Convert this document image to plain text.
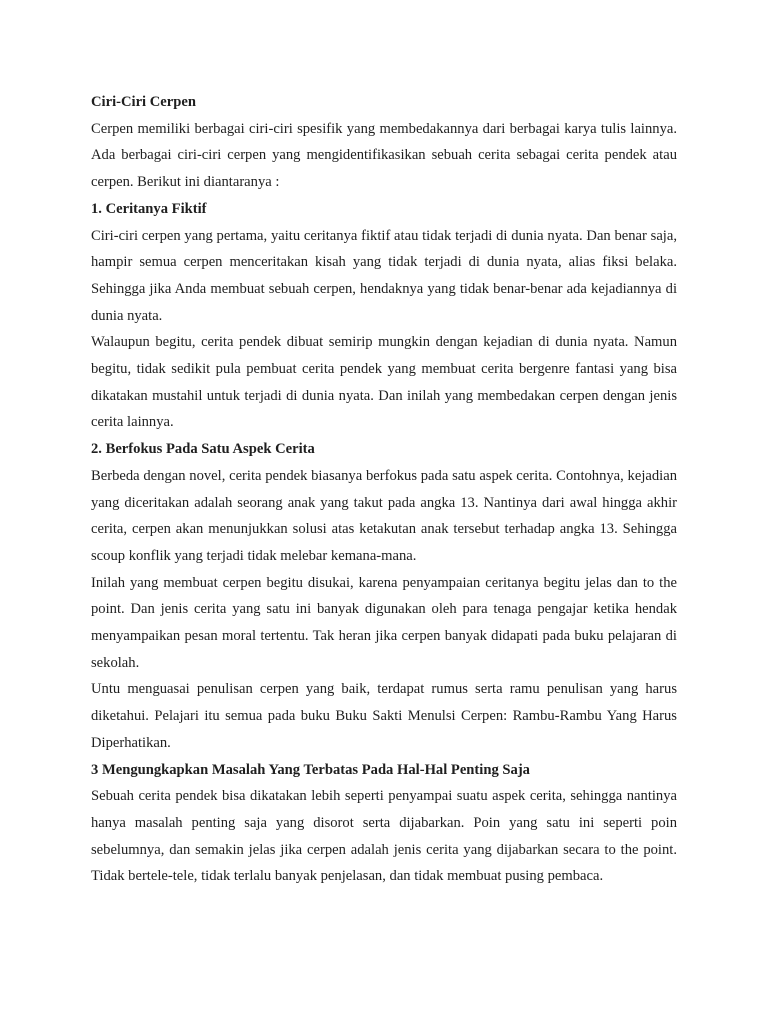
Ciri-Ciri Cerpen

Cerpen memiliki berbagai ciri-ciri spesifik yang membedakannya dari berbagai karya tulis lainnya. Ada berbagai ciri-ciri cerpen yang mengidentifikasikan sebuah cerita sebagai cerita pendek atau cerpen. Berikut ini diantaranya :

1. Ceritanya Fiktif

Ciri-ciri cerpen yang pertama, yaitu ceritanya fiktif atau tidak terjadi di dunia nyata. Dan benar saja, hampir semua cerpen menceritakan kisah yang tidak terjadi di dunia nyata, alias fiksi belaka. Sehingga jika Anda membuat sebuah cerpen, hendaknya yang tidak benar-benar ada kejadiannya di dunia nyata.

Walaupun begitu, cerita pendek dibuat semirip mungkin dengan kejadian di dunia nyata. Namun begitu, tidak sedikit pula pembuat cerita pendek yang membuat cerita bergenre fantasi yang bisa dikatakan mustahil untuk terjadi di dunia nyata. Dan inilah yang membedakan cerpen dengan jenis cerita lainnya.

2. Berfokus Pada Satu Aspek Cerita

Berbeda dengan novel, cerita pendek biasanya berfokus pada satu aspek cerita. Contohnya, kejadian yang diceritakan adalah seorang anak yang takut pada angka 13. Nantinya dari awal hingga akhir cerita, cerpen akan menunjukkan solusi atas ketakutan anak tersebut terhadap angka 13. Sehingga scoup konflik yang terjadi tidak melebar kemana-mana.

Inilah yang membuat cerpen begitu disukai, karena penyampaian ceritanya begitu jelas dan to the point. Dan jenis cerita yang satu ini banyak digunakan oleh para tenaga pengajar ketika hendak menyampaikan pesan moral tertentu. Tak heran jika cerpen banyak didapati pada buku pelajaran di sekolah.

Untu menguasai penulisan cerpen yang baik, terdapat rumus serta ramu penulisan yang harus diketahui. Pelajari itu semua pada buku Buku Sakti Menulsi Cerpen: Rambu-Rambu Yang Harus Diperhatikan.

3 Mengungkapkan Masalah Yang Terbatas Pada Hal-Hal Penting Saja

Sebuah cerita pendek bisa dikatakan lebih seperti penyampai suatu aspek cerita, sehingga nantinya hanya masalah penting saja yang disorot serta dijabarkan. Poin yang satu ini seperti poin sebelumnya, dan semakin jelas jika cerpen adalah jenis cerita yang dijabarkan secara to the point. Tidak bertele-tele, tidak terlalu banyak penjelasan, dan tidak membuat pusing pembaca.
